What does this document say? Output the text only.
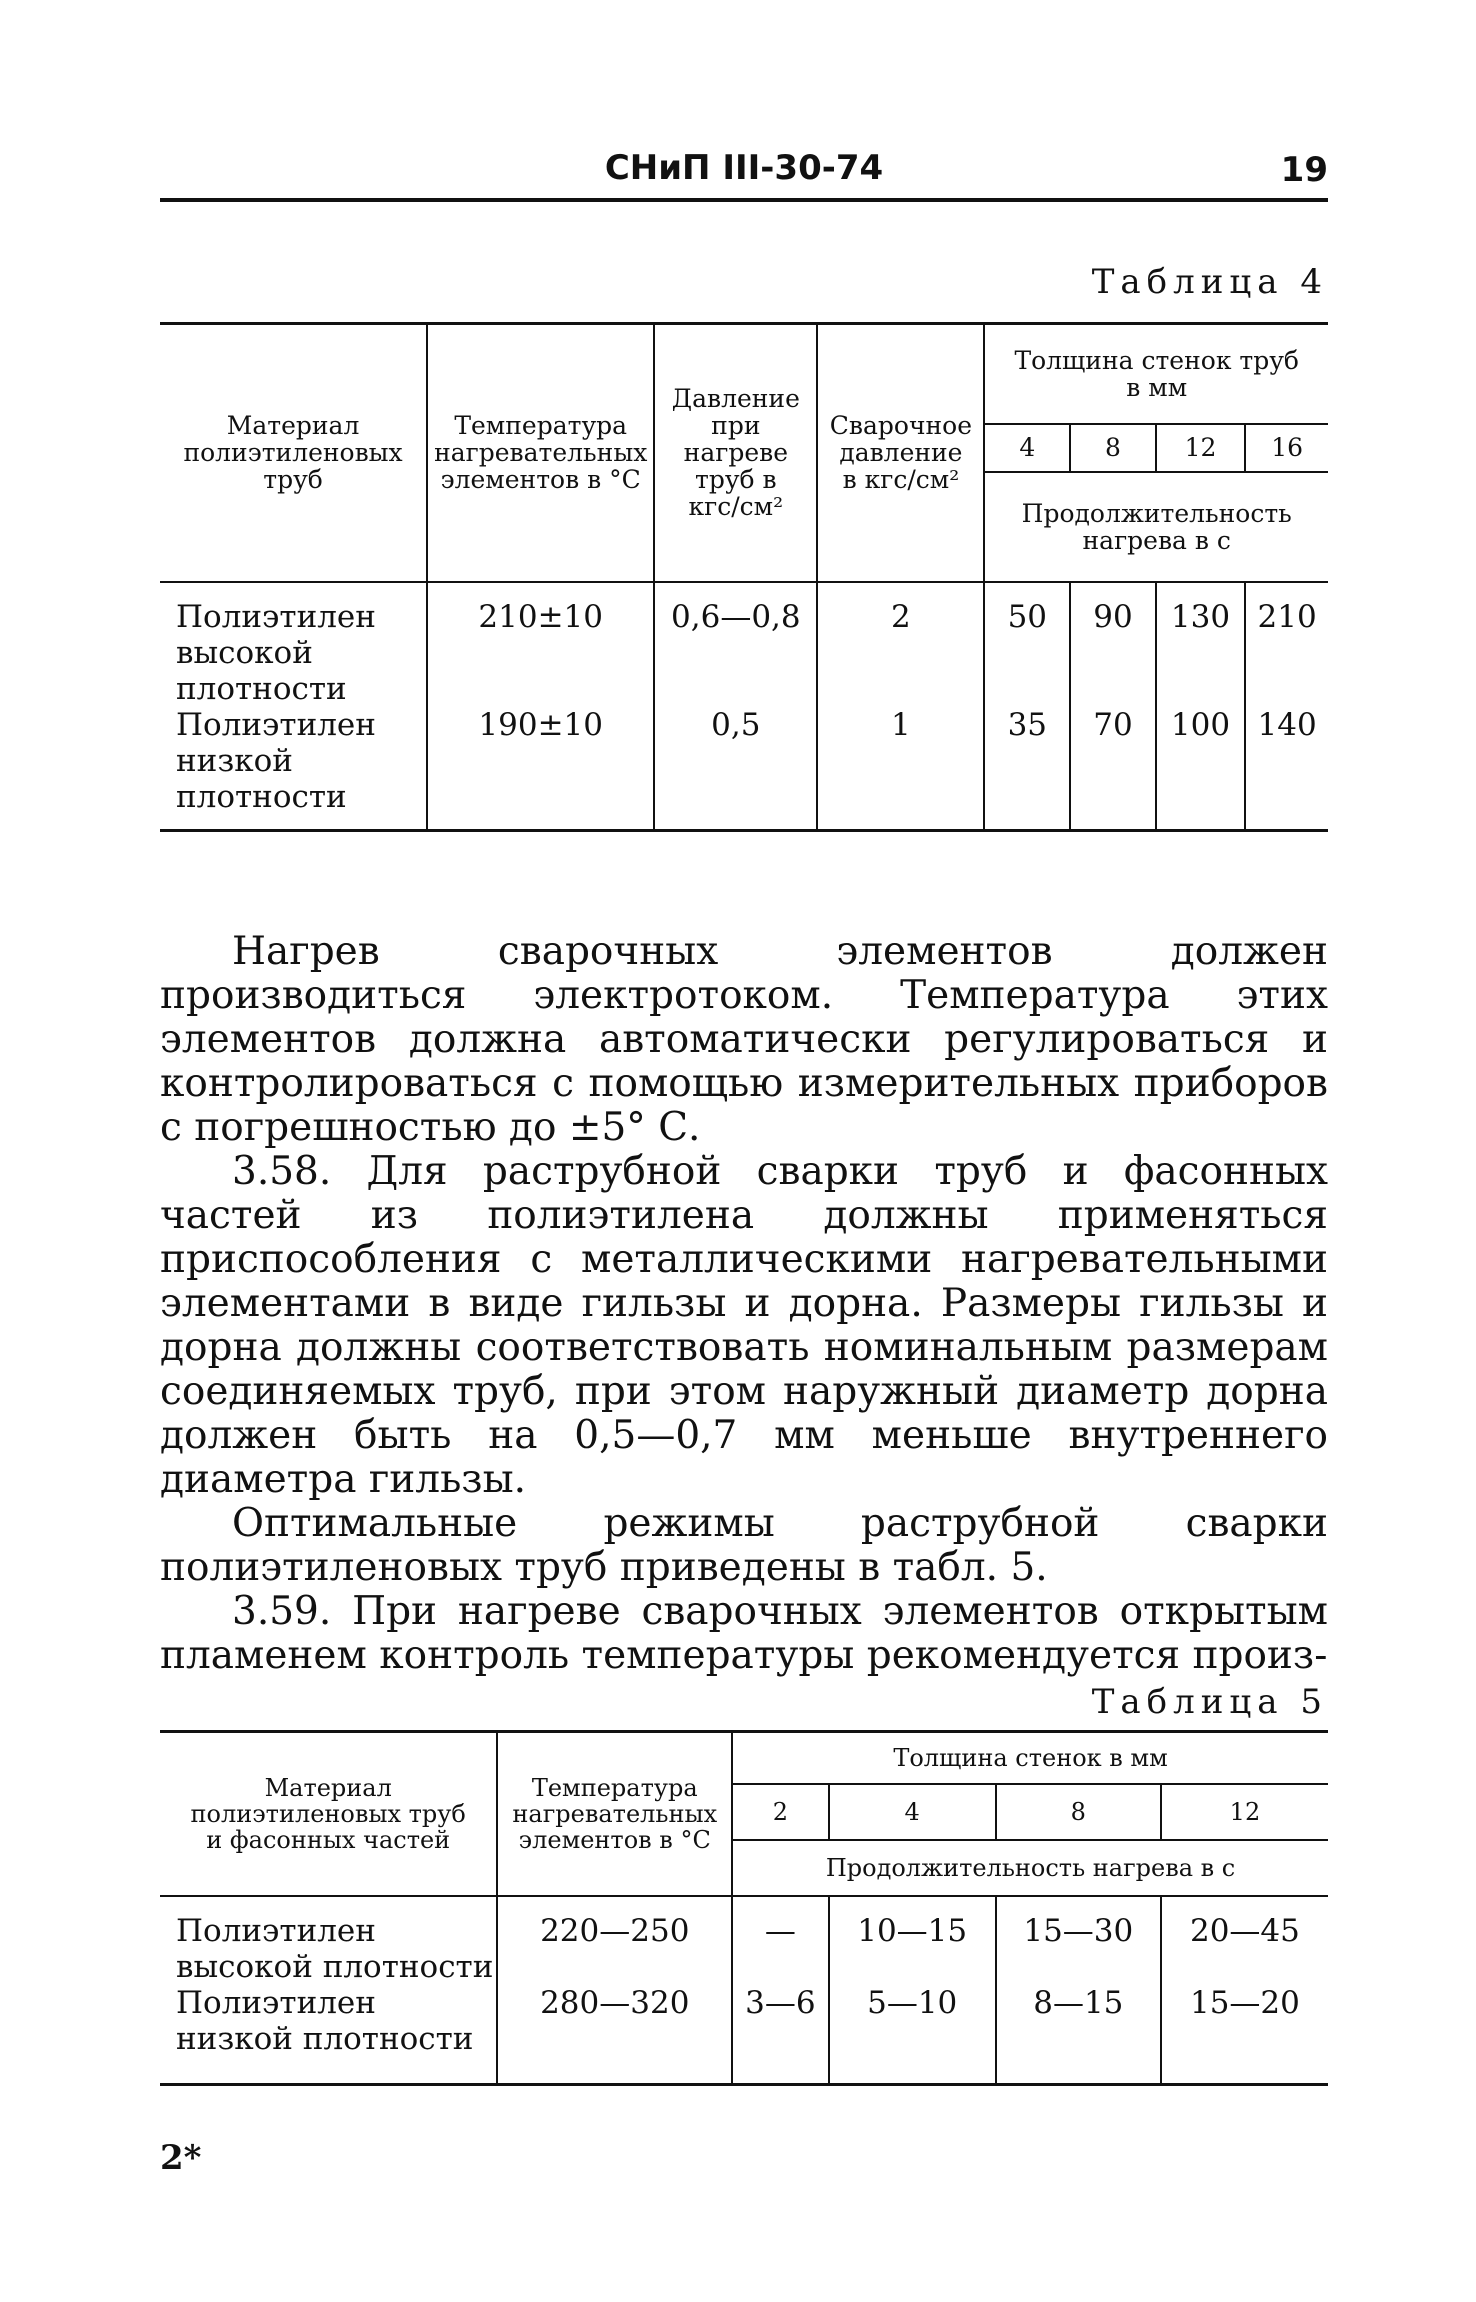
СНиП III-30-74	19
Таблица 4
Материал полиэтиленовых труб	Температура нагревательных элементов в °С	Давление при нагреве труб в кгс/см²	Сварочное давление в кгс/см²	Толщина стенок труб в мм			
				4	8	12	16
				Продолжительность нагрева в с			
Полиэтилен высокой плотности	210±10	0,6—0,8	2	50	90	130	210
Полиэтилен низкой плотности	190±10	0,5	1	35	70	100	140

Нагрев сварочных элементов должен производиться электротоком. Температура этих элементов должна автоматически регулироваться и контролироваться с помощью измерительных приборов с погрешностью до ±5° С.

3.58. Для раструбной сварки труб и фасонных частей из полиэтилена должны применяться приспособления с металлическими нагревательными элементами в виде гильзы и дорна. Размеры гильзы и дорна должны соответствовать номинальным размерам соединяемых труб, при этом наружный диаметр дорна должен быть на 0,5—0,7 мм меньше внутреннего диаметра гильзы.

Оптимальные режимы раструбной сварки полиэтиленовых труб приведены в табл. 5.

3.59. При нагреве сварочных элементов открытым пламенем контроль температуры рекомендуется произ-

Таблица 5
Материал полиэтиленовых труб и фасонных частей	Температура нагревательных элементов в °С	Толщина стенок в мм			
		2	4	8	12
		Продолжительность нагрева в с			
Полиэтилен высокой плотности	220—250	—	10—15	15—30	20—45
Полиэтилен низкой плотности	280—320	3—6	5—10	8—15	15—20
2*
